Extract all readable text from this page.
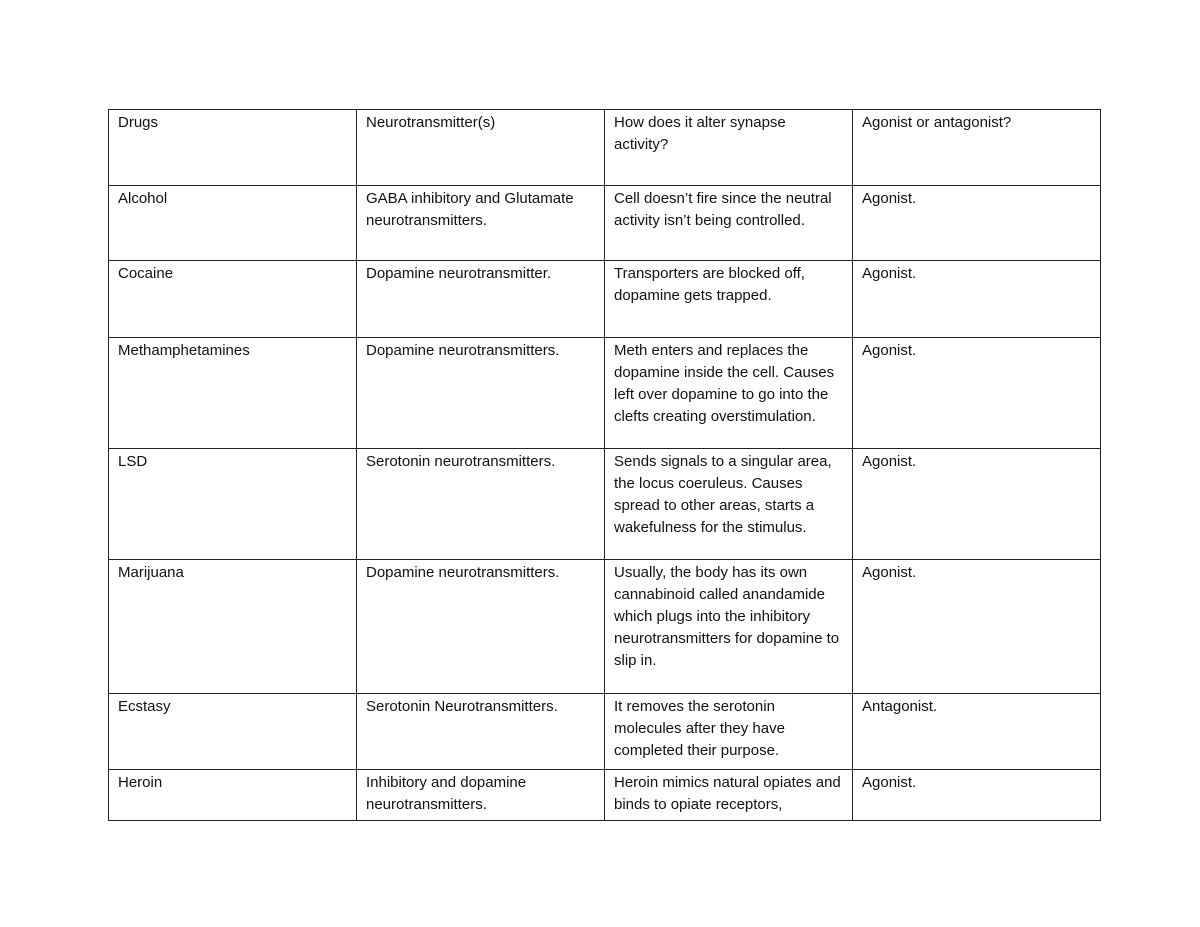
Drugs	Neurotransmitter(s)	How does it alter synapse activity?	Agonist or antagonist?
Alcohol	GABA inhibitory and Glutamate neurotransmitters.	Cell doesn’t fire since the neutral activity isn’t being controlled.	Agonist.
Cocaine	Dopamine neurotransmitter.	Transporters are blocked off, dopamine gets trapped.	Agonist.
Methamphetamines	Dopamine neurotransmitters.	Meth enters and replaces the dopamine inside the cell. Causes left over dopamine to go into the clefts creating overstimulation.	Agonist.
LSD	Serotonin neurotransmitters.	Sends signals to a singular area, the locus coeruleus. Causes spread to other areas, starts a wakefulness for the stimulus.	Agonist.
Marijuana	Dopamine neurotransmitters.	Usually, the body has its own cannabinoid called anandamide which plugs into the inhibitory neurotransmitters for dopamine to slip in.	Agonist.
Ecstasy	Serotonin Neurotransmitters.	It removes the serotonin molecules after they have completed their purpose.	Antagonist.
Heroin	Inhibitory and dopamine neurotransmitters.	Heroin mimics natural opiates and binds to opiate receptors,	Agonist.
